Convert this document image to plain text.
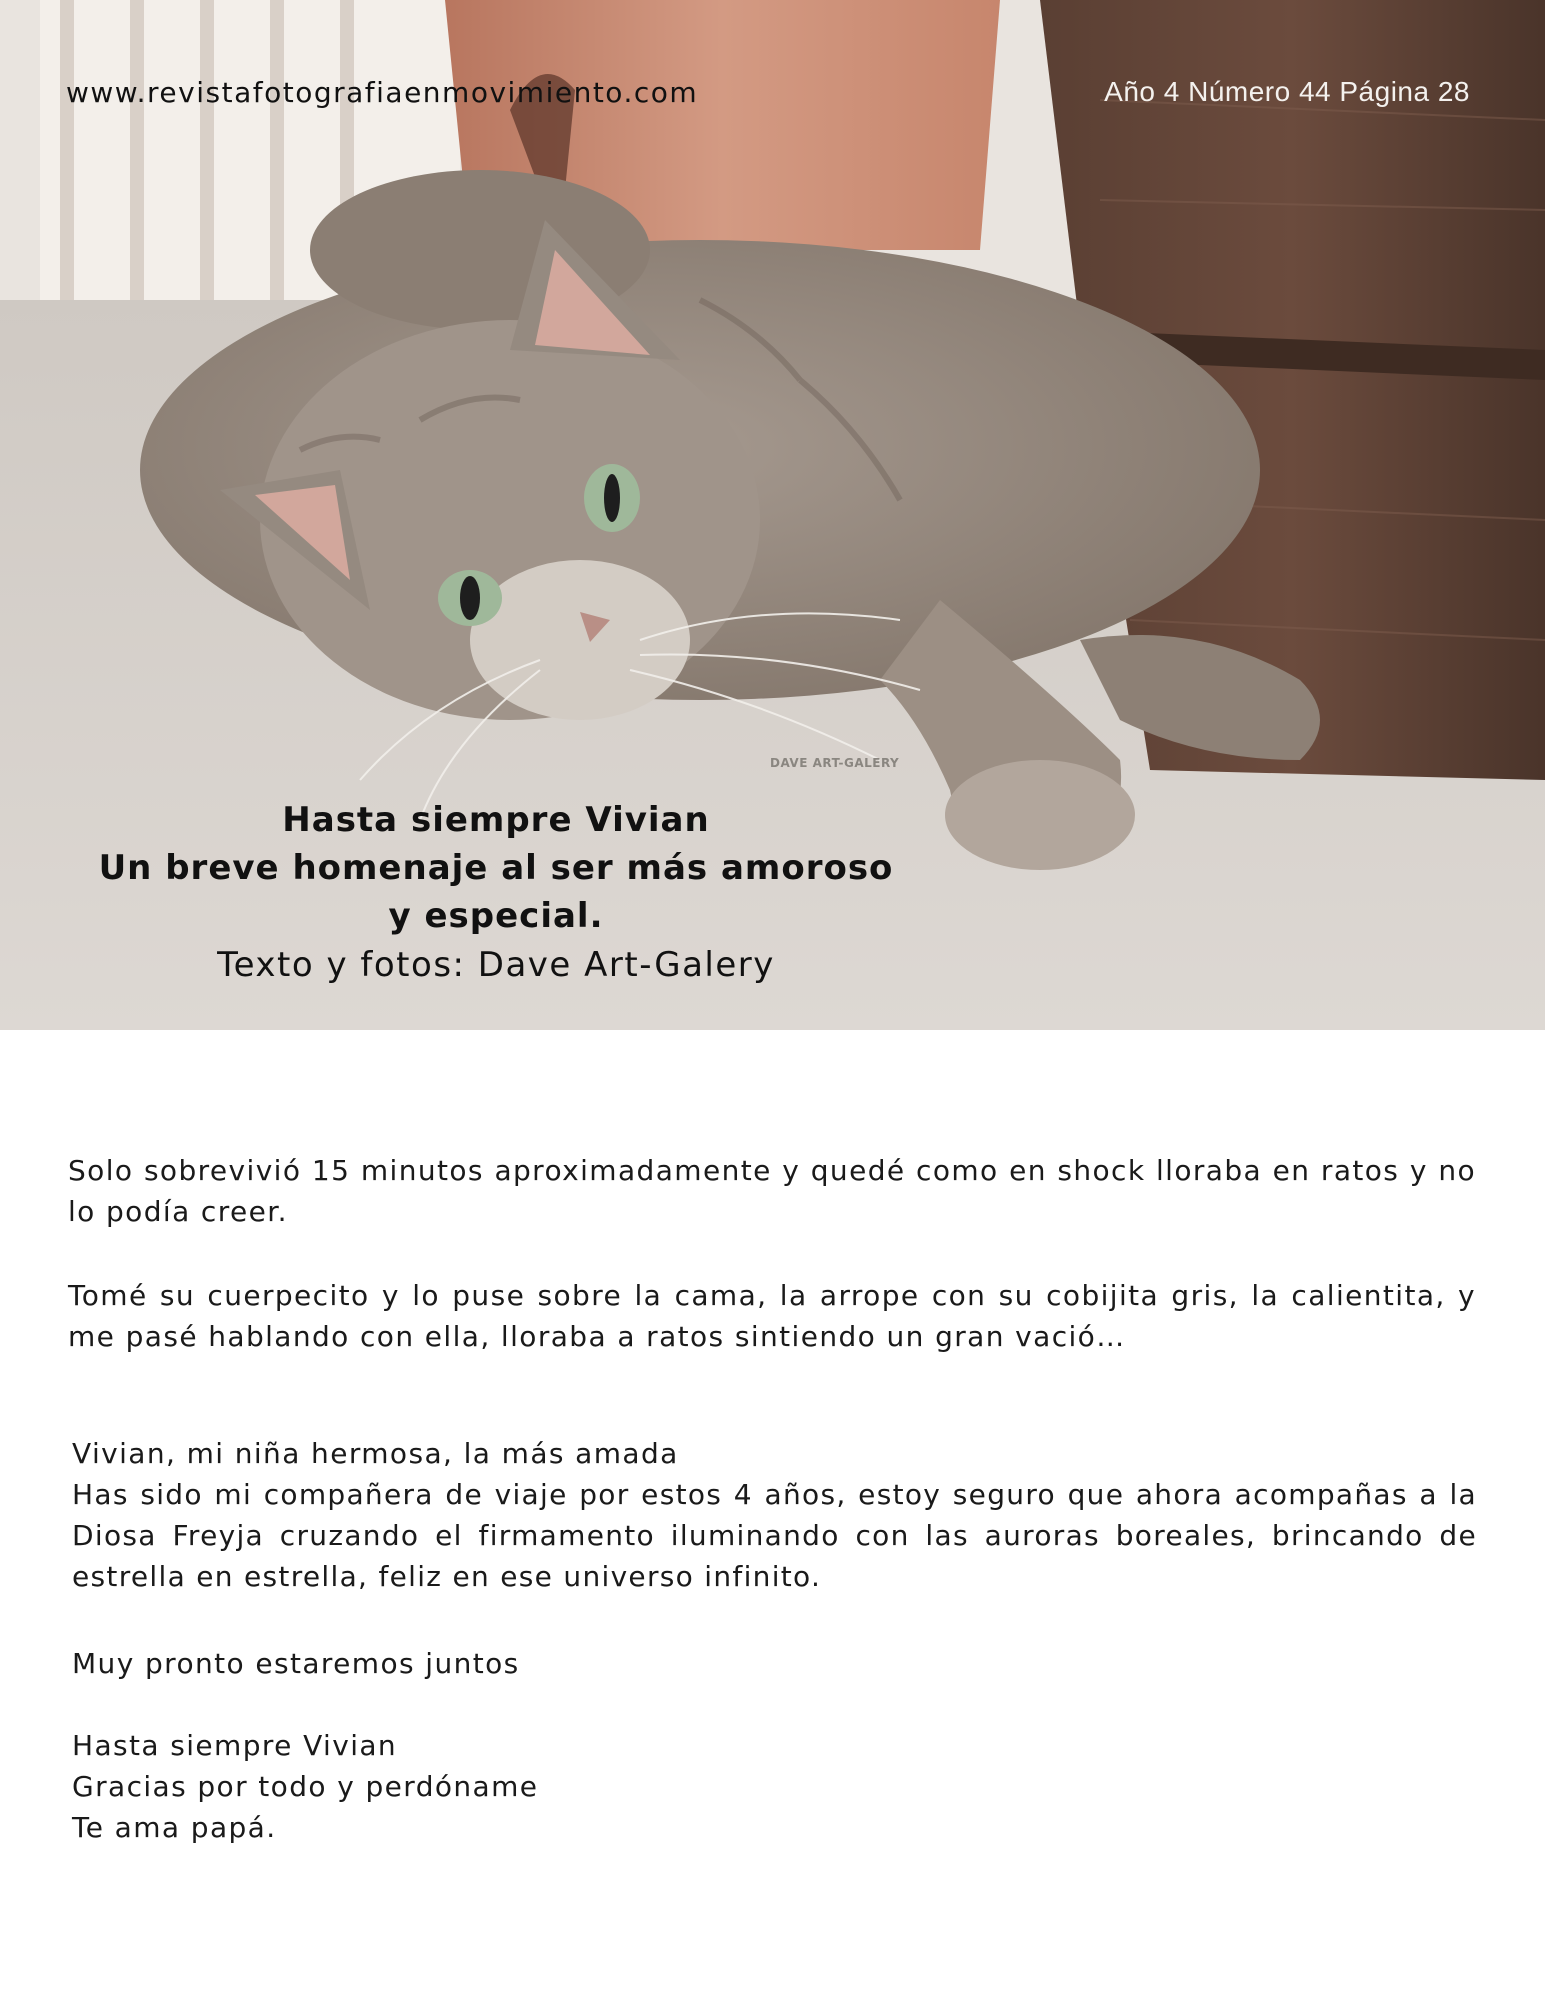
www.revistafotografiaenmovimiento.com	Año 4 Número 44 Página 28
DAVE ART-GALERY
Hasta siempre Vivian
Un breve homenaje al ser más amoroso
y especial.
Texto y fotos: Dave Art-Galery
Solo sobrevivió 15 minutos aproximadamente y quedé como en shock lloraba en ratos y no lo podía creer.
Tomé su cuerpecito y lo puse sobre la cama, la arrope con su cobijita gris, la calientita, y me pasé hablando con ella, lloraba a ratos sintiendo un gran vació…
Vivian, mi niña hermosa, la más amada
Has sido mi compañera de viaje por estos 4 años, estoy seguro que ahora acompañas a la Diosa Freyja cruzando el firmamento iluminando con las auroras boreales, brincando de estrella en estrella, feliz en ese universo infinito.
Muy pronto estaremos juntos
Hasta siempre Vivian
Gracias por todo y perdóname
Te ama papá.
